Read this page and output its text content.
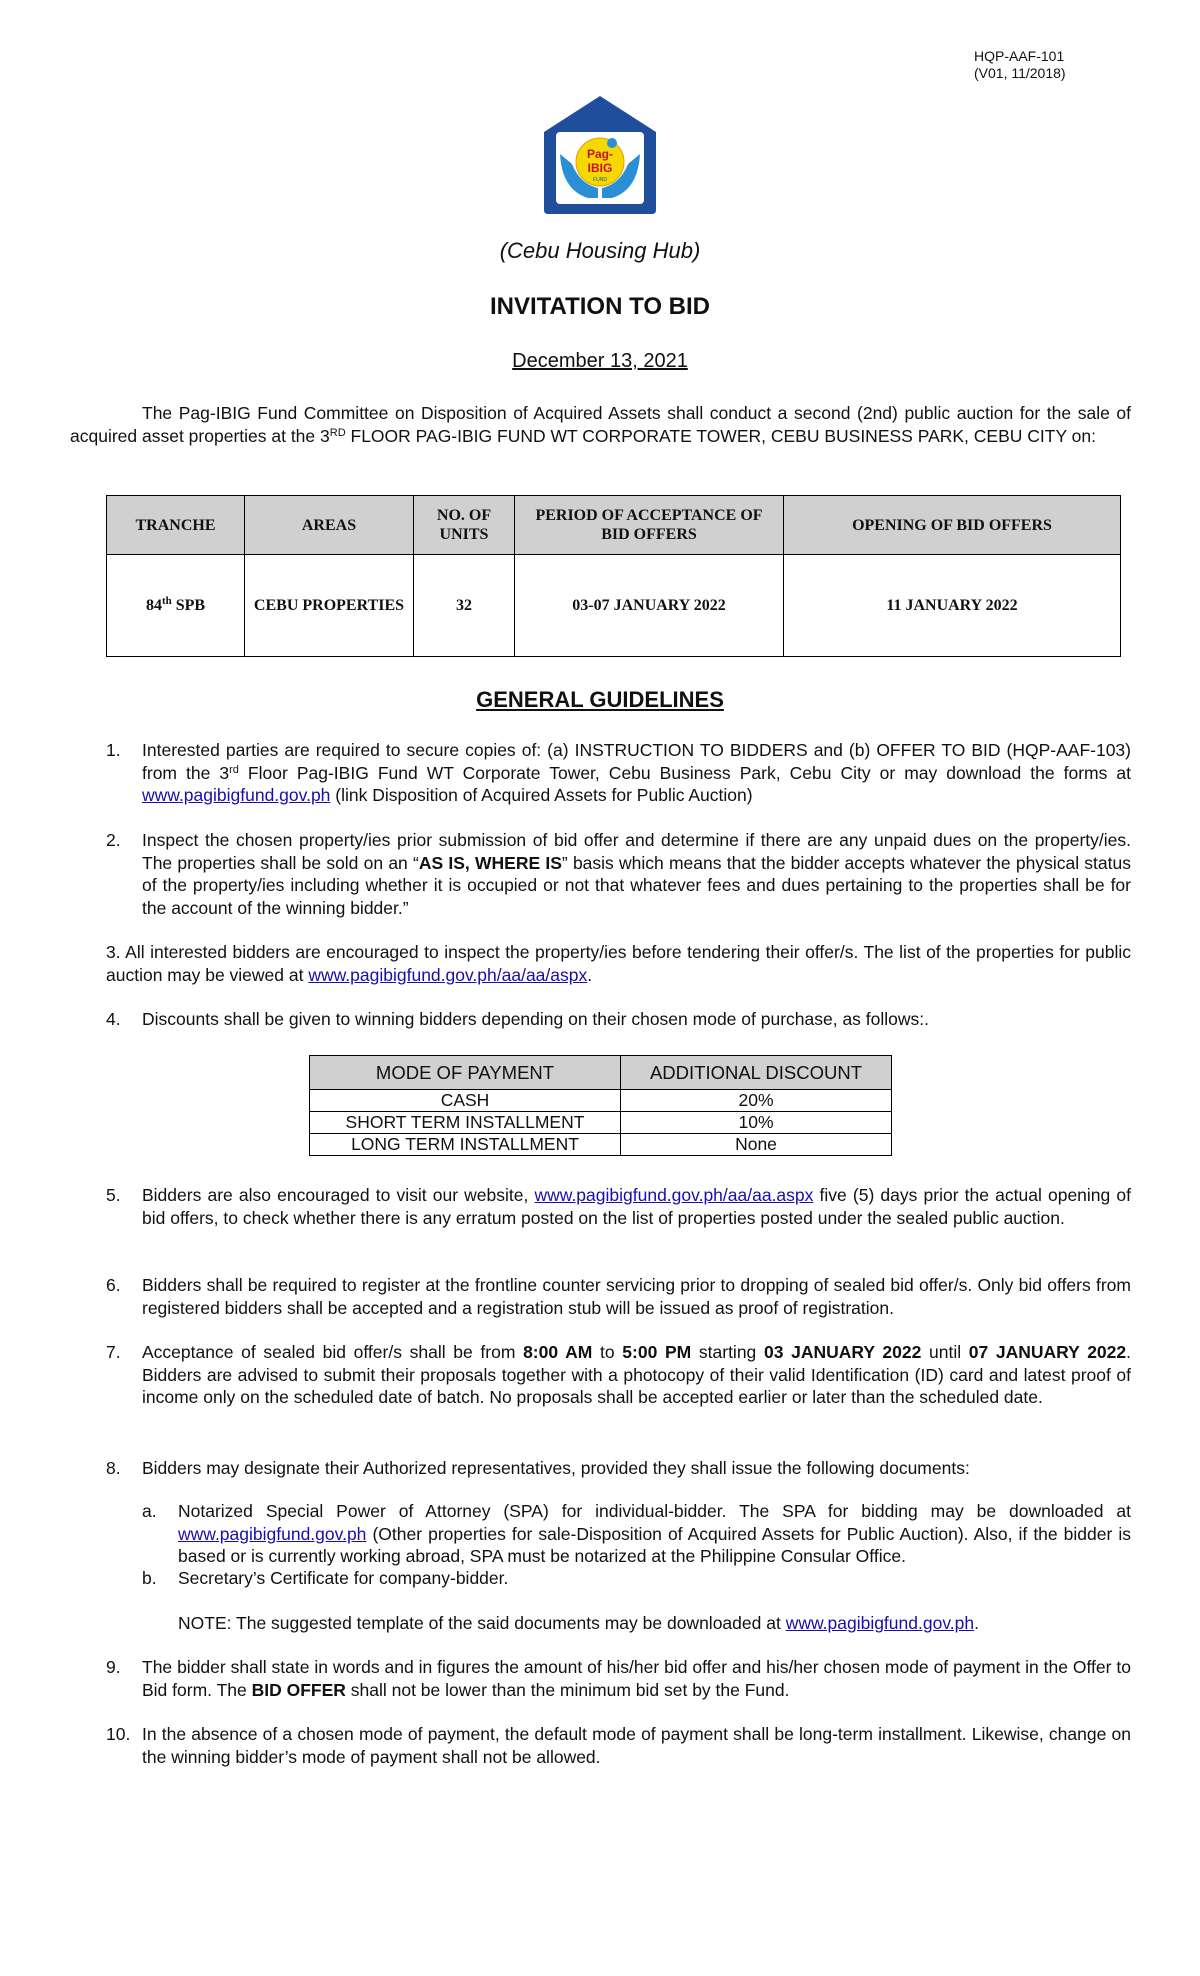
HQP-AAF-101
(V01, 11/2018)
Pag-
IBIG
FUND
(Cebu Housing Hub)
INVITATION TO BID
December 13, 2021
The Pag-IBIG Fund Committee on Disposition of Acquired Assets shall conduct a second (2nd) public auction for the sale of acquired asset properties at the 3RD FLOOR PAG-IBIG FUND WT CORPORATE TOWER, CEBU BUSINESS PARK, CEBU CITY on:
TRANCHE	AREAS	NO. OF UNITS	PERIOD OF ACCEPTANCE OF BID OFFERS	OPENING OF BID OFFERS
84th SPB	CEBU PROPERTIES	32	03-07 JANUARY 2022	11 JANUARY 2022
GENERAL GUIDELINES
1. Interested parties are required to secure copies of: (a) INSTRUCTION TO BIDDERS and (b) OFFER TO BID (HQP-AAF-103) from the 3rd Floor Pag-IBIG Fund WT Corporate Tower, Cebu Business Park, Cebu City or may download the forms at www.pagibigfund.gov.ph (link Disposition of Acquired Assets for Public Auction)
2. Inspect the chosen property/ies prior submission of bid offer and determine if there are any unpaid dues on the property/ies. The properties shall be sold on an “AS IS, WHERE IS” basis which means that the bidder accepts whatever the physical status of the property/ies including whether it is occupied or not that whatever fees and dues pertaining to the properties shall be for the account of the winning bidder.”
3. All interested bidders are encouraged to inspect the property/ies before tendering their offer/s. The list of the properties for public auction may be viewed at www.pagibigfund.gov.ph/aa/aa/aspx.
4. Discounts shall be given to winning bidders depending on their chosen mode of purchase, as follows:.
MODE OF PAYMENT	ADDITIONAL DISCOUNT
CASH	20%
SHORT TERM INSTALLMENT	10%
LONG TERM INSTALLMENT	None
5. Bidders are also encouraged to visit our website, www.pagibigfund.gov.ph/aa/aa.aspx five (5) days prior the actual opening of bid offers, to check whether there is any erratum posted on the list of properties posted under the sealed public auction.
6. Bidders shall be required to register at the frontline counter servicing prior to dropping of sealed bid offer/s. Only bid offers from registered bidders shall be accepted and a registration stub will be issued as proof of registration.
7. Acceptance of sealed bid offer/s shall be from 8:00 AM to 5:00 PM starting 03 JANUARY 2022 until 07 JANUARY 2022. Bidders are advised to submit their proposals together with a photocopy of their valid Identification (ID) card and latest proof of income only on the scheduled date of batch. No proposals shall be accepted earlier or later than the scheduled date.
8. Bidders may designate their Authorized representatives, provided they shall issue the following documents:
a. Notarized Special Power of Attorney (SPA) for individual-bidder. The SPA for bidding may be downloaded at www.pagibigfund.gov.ph (Other properties for sale-Disposition of Acquired Assets for Public Auction). Also, if the bidder is based or is currently working abroad, SPA must be notarized at the Philippine Consular Office.
b. Secretary’s Certificate for company-bidder.
NOTE: The suggested template of the said documents may be downloaded at www.pagibigfund.gov.ph.
9. The bidder shall state in words and in figures the amount of his/her bid offer and his/her chosen mode of payment in the Offer to Bid form. The BID OFFER shall not be lower than the minimum bid set by the Fund.
10. In the absence of a chosen mode of payment, the default mode of payment shall be long-term installment. Likewise, change on the winning bidder’s mode of payment shall not be allowed.
